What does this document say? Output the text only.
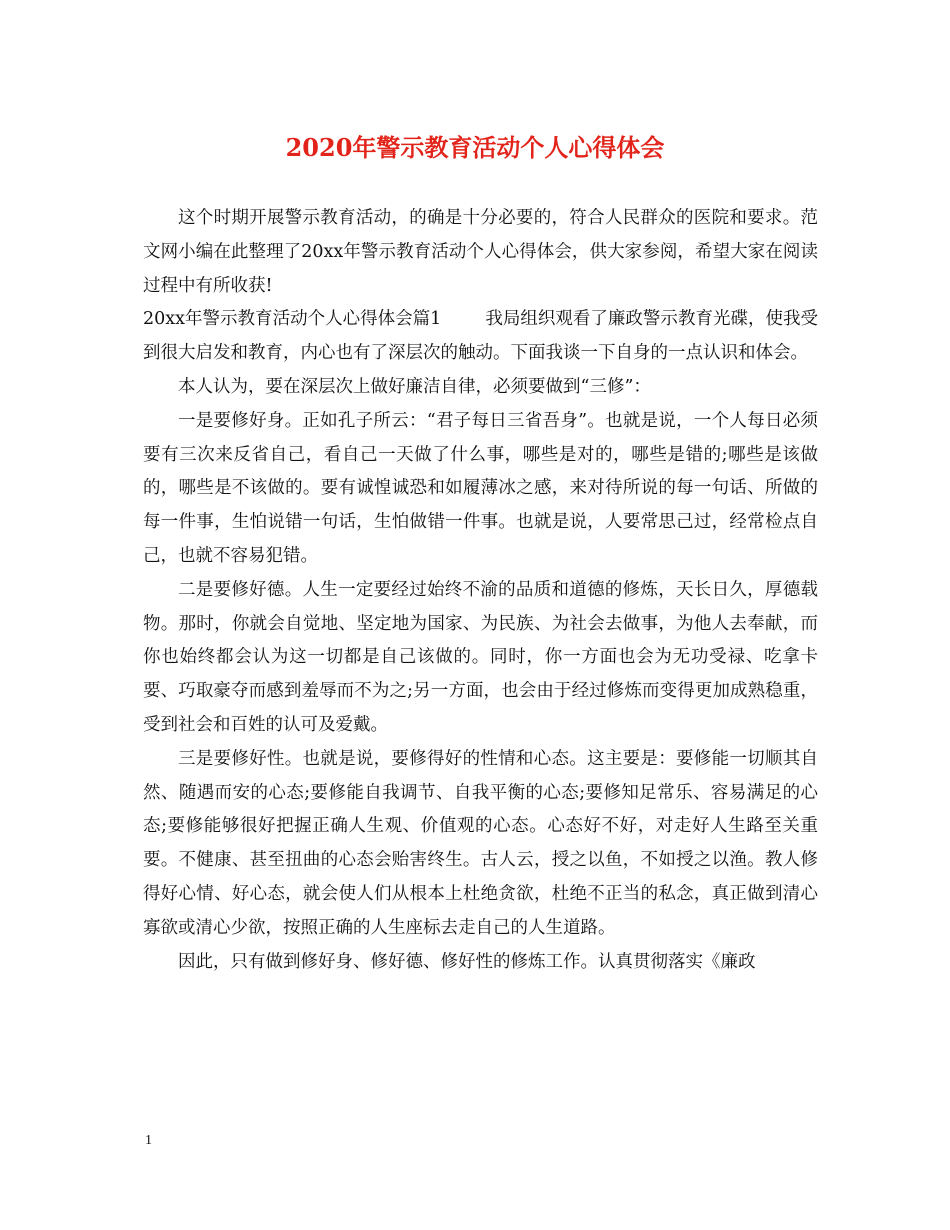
2020年警示教育活动个人心得体会

这个时期开展警示教育活动，的确是十分必要的，符合人民群众的医院和要求。范文网小编在此整理了20xx年警示教育活动个人心得体会，供大家参阅，希望大家在阅读过程中有所收获!

20xx年警示教育活动个人心得体会篇1	我局组织观看了廉政警示教育光碟，使我受到很大启发和教育，内心也有了深层次的触动。下面我谈一下自身的一点认识和体会。

本人认为，要在深层次上做好廉洁自律，必须要做到“三修”：

一是要修好身。正如孔子所云：“君子每日三省吾身”。也就是说，一个人每日必须要有三次来反省自己，看自己一天做了什么事，哪些是对的，哪些是错的;哪些是该做的，哪些是不该做的。要有诚惶诚恐和如履薄冰之感，来对待所说的每一句话、所做的每一件事，生怕说错一句话，生怕做错一件事。也就是说，人要常思己过，经常检点自己，也就不容易犯错。

二是要修好德。人生一定要经过始终不渝的品质和道德的修炼，天长日久，厚德载物。那时，你就会自觉地、坚定地为国家、为民族、为社会去做事，为他人去奉献，而你也始终都会认为这一切都是自己该做的。同时，你一方面也会为无功受禄、吃拿卡要、巧取豪夺而感到羞辱而不为之;另一方面，也会由于经过修炼而变得更加成熟稳重，受到社会和百姓的认可及爱戴。

三是要修好性。也就是说，要修得好的性情和心态。这主要是：要修能一切顺其自然、随遇而安的心态;要修能自我调节、自我平衡的心态;要修知足常乐、容易满足的心态;要修能够很好把握正确人生观、价值观的心态。心态好不好，对走好人生路至关重要。不健康、甚至扭曲的心态会贻害终生。古人云，授之以鱼，不如授之以渔。教人修得好心情、好心态，就会使人们从根本上杜绝贪欲，杜绝不正当的私念，真正做到清心寡欲或清心少欲，按照正确的人生座标去走自己的人生道路。

因此，只有做到修好身、修好德、修好性的修炼工作。认真贯彻落实《廉政

1
